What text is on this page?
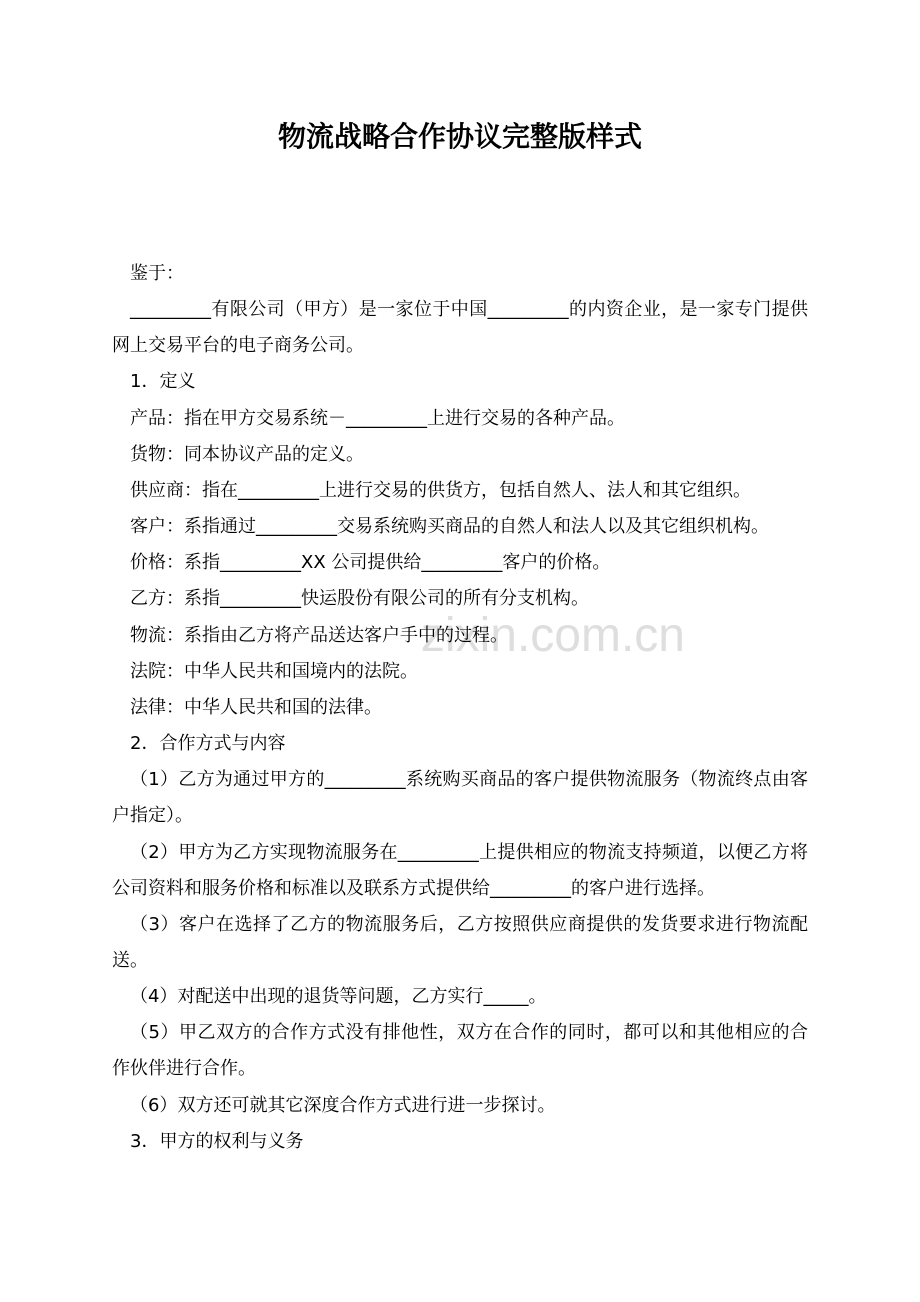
zixin.com.cn
物流战略合作协议完整版样式
鉴于：
_________有限公司（甲方）是一家位于中国_________的内资企业，是一家专门提供
网上交易平台的电子商务公司。
1．定义
产品：指在甲方交易系统－_________上进行交易的各种产品。
货物：同本协议产品的定义。
供应商：指在_________上进行交易的供货方，包括自然人、法人和其它组织。
客户：系指通过_________交易系统购买商品的自然人和法人以及其它组织机构。
价格：系指_________XX 公司提供给_________客户的价格。
乙方：系指_________快运股份有限公司的所有分支机构。
物流：系指由乙方将产品送达客户手中的过程。
法院：中华人民共和国境内的法院。
法律：中华人民共和国的法律。
2．合作方式与内容
（1）乙方为通过甲方的_________系统购买商品的客户提供物流服务（物流终点由客
户指定）。
（2）甲方为乙方实现物流服务在_________上提供相应的物流支持频道，以便乙方将
公司资料和服务价格和标准以及联系方式提供给_________的客户进行选择。
（3）客户在选择了乙方的物流服务后，乙方按照供应商提供的发货要求进行物流配
送。
（4）对配送中出现的退货等问题，乙方实行_____。
（5）甲乙双方的合作方式没有排他性，双方在合作的同时，都可以和其他相应的合
作伙伴进行合作。
（6）双方还可就其它深度合作方式进行进一步探讨。
3．甲方的权利与义务
